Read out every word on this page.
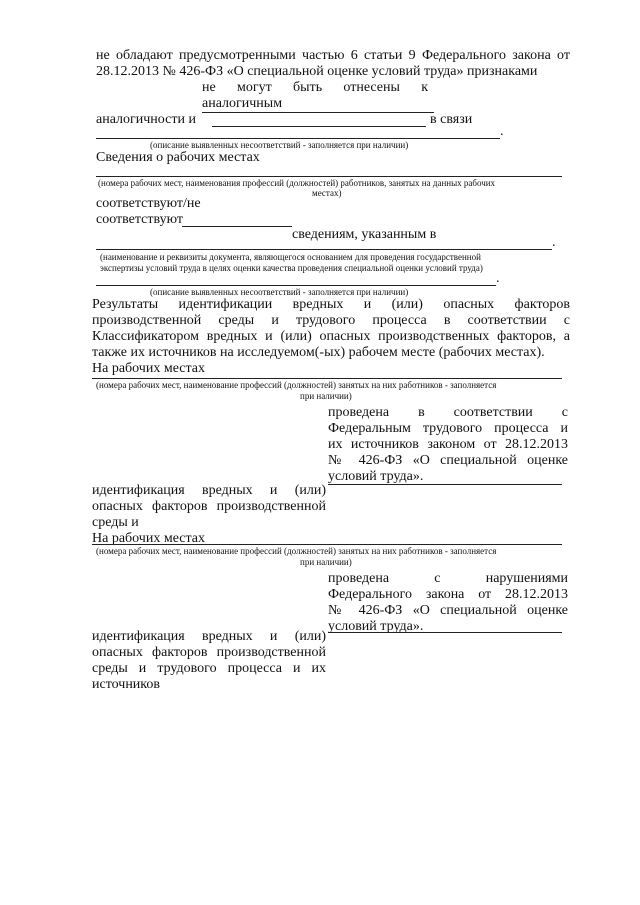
не обладают предусмотренными частью 6 статьи 9 Федерального закона от
28.12.2013 № 426-ФЗ «О специальной оценке условий труда» признаками
не могут быть отнесены к
аналогичным
аналогичности и	в связи
.
(описание выявленных несоответствий - заполняется при наличии)
Сведения о рабочих местах
(номера рабочих мест, наименования профессий (должностей) работников, занятых на данных рабочих
местах)
соответствуют/не
соответствуют
сведениям, указанным в
.
(наименование и реквизиты документа, являющегося основанием для проведения государственной
экспертизы условий труда в целях оценки качества проведения специальной оценки условий труда)
.
(описание выявленных несоответствий - заполняется при наличии)
Результаты идентификации вредных и (или) опасных факторов
производственной среды и трудового процесса в соответствии с
Классификатором вредных и (или) опасных производственных факторов, а
также их источников на исследуемом(-ых) рабочем месте (рабочих местах).
На рабочих местах
(номера рабочих мест, наименование профессий (должностей) занятых на них работников - заполняется
при наличии)
проведена в соответствии с
Федеральным трудового процесса и
их источников законом от 28.12.2013
№ 426-ФЗ «О специальной оценке
условий труда».
идентификация вредных и (или)
опасных факторов производственной
среды и
На рабочих местах
(номера рабочих мест, наименование профессий (должностей) занятых на них работников - заполняется
при наличии)
проведена с нарушениями
Федерального закона от 28.12.2013
№ 426-ФЗ «О специальной оценке
условий труда».
идентификация вредных и (или)
опасных факторов производственной
среды и трудового процесса и их
источников
